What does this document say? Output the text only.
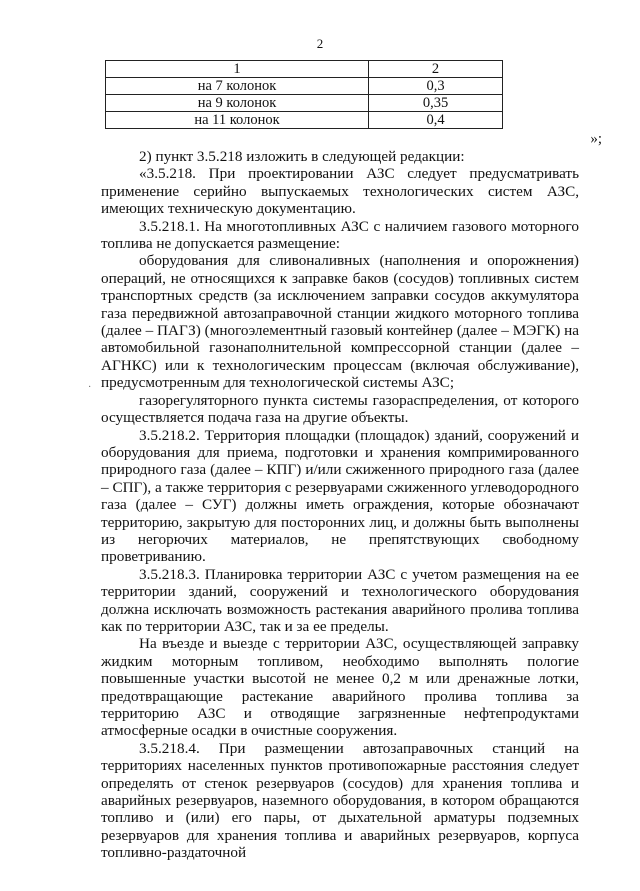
2
1	2
на 7 колонок	0,3
на 9 колонок	0,35
на 11 колонок	0,4
»;
·

2) пункт 3.5.218 изложить в следующей редакции:

«3.5.218. При проектировании АЗС следует предусматривать применение серийно выпускаемых технологических систем АЗС, имеющих техническую документацию.

3.5.218.1. На многотопливных АЗС с наличием газового моторного топлива не допускается размещение:

оборудования для сливоналивных (наполнения и опорожнения) операций, не относящихся к заправке баков (сосудов) топливных систем транспортных средств (за исключением заправки сосудов аккумулятора газа передвижной автозаправочной станции жидкого моторного топлива (далее – ПАГЗ) (многоэлементный газовый контейнер (далее – МЭГК) на автомобильной газонаполнительной компрессорной станции (далее – АГНКС) или к технологическим процессам (включая обслуживание), предусмотренным для технологической системы АЗС;

газорегуляторного пункта системы газораспределения, от которого осуществляется подача газа на другие объекты.

3.5.218.2. Территория площадки (площадок) зданий, сооружений и оборудования для приема, подготовки и хранения компримированного природного газа (далее – КПГ) и/или сжиженного природного газа (далее – СПГ), а также территория с резервуарами сжиженного углеводородного газа (далее – СУГ) должны иметь ограждения, которые обозначают территорию, закрытую для посторонних лиц, и должны быть выполнены из негорючих материалов, не препятствующих свободному проветриванию.

3.5.218.3. Планировка территории АЗС с учетом размещения на ее территории зданий, сооружений и технологического оборудования должна исключать возможность растекания аварийного пролива топлива как по территории АЗС, так и за ее пределы.

На въезде и выезде с территории АЗС, осуществляющей заправку жидким моторным топливом, необходимо выполнять пологие повышенные участки высотой не менее 0,2 м или дренажные лотки, предотвращающие растекание аварийного пролива топлива за территорию АЗС и отводящие загрязненные нефтепродуктами атмосферные осадки в очистные сооружения.

3.5.218.4. При размещении автозаправочных станций на территориях населенных пунктов противопожарные расстояния следует определять от стенок резервуаров (сосудов) для хранения топлива и аварийных резервуаров, наземного оборудования, в котором обращаются топливо и (или) его пары, от дыхательной арматуры подземных резервуаров для хранения топлива и аварийных резервуаров, корпуса топливно-раздаточной
